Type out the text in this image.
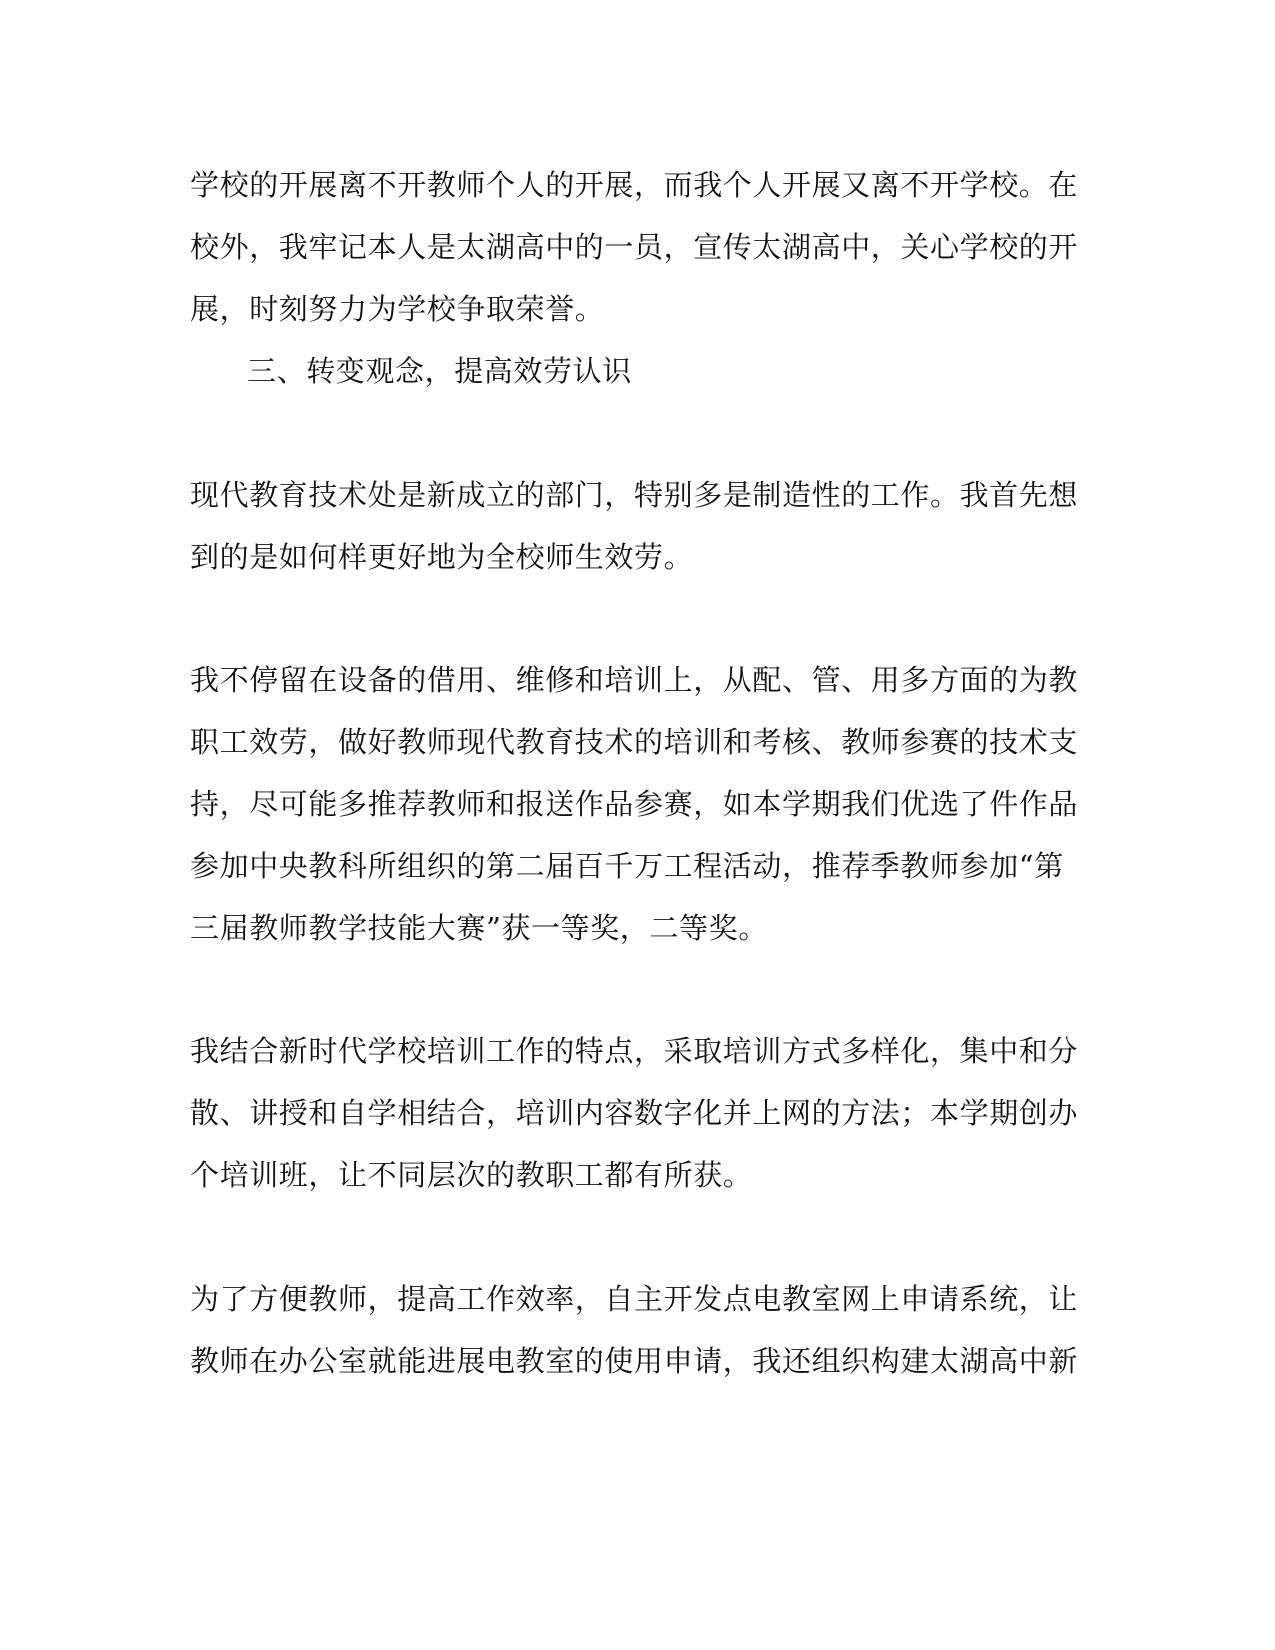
学校的开展离不开教师个人的开展，而我个人开展又离不开学校。在
校外，我牢记本人是太湖高中的一员，宣传太湖高中，关心学校的开
展，时刻努力为学校争取荣誉。
三、转变观念，提高效劳认识
现代教育技术处是新成立的部门，特别多是制造性的工作。我首先想
到的是如何样更好地为全校师生效劳。
我不停留在设备的借用、维修和培训上，从配、管、用多方面的为教
职工效劳，做好教师现代教育技术的培训和考核、教师参赛的技术支
持，尽可能多推荐教师和报送作品参赛，如本学期我们优选了件作品
参加中央教科所组织的第二届百千万工程活动，推荐季教师参加“第
三届教师教学技能大赛”获一等奖，二等奖。
我结合新时代学校培训工作的特点，采取培训方式多样化，集中和分
散、讲授和自学相结合，培训内容数字化并上网的方法；本学期创办
个培训班，让不同层次的教职工都有所获。
为了方便教师，提高工作效率，自主开发点电教室网上申请系统，让
教师在办公室就能进展电教室的使用申请，我还组织构建太湖高中新
